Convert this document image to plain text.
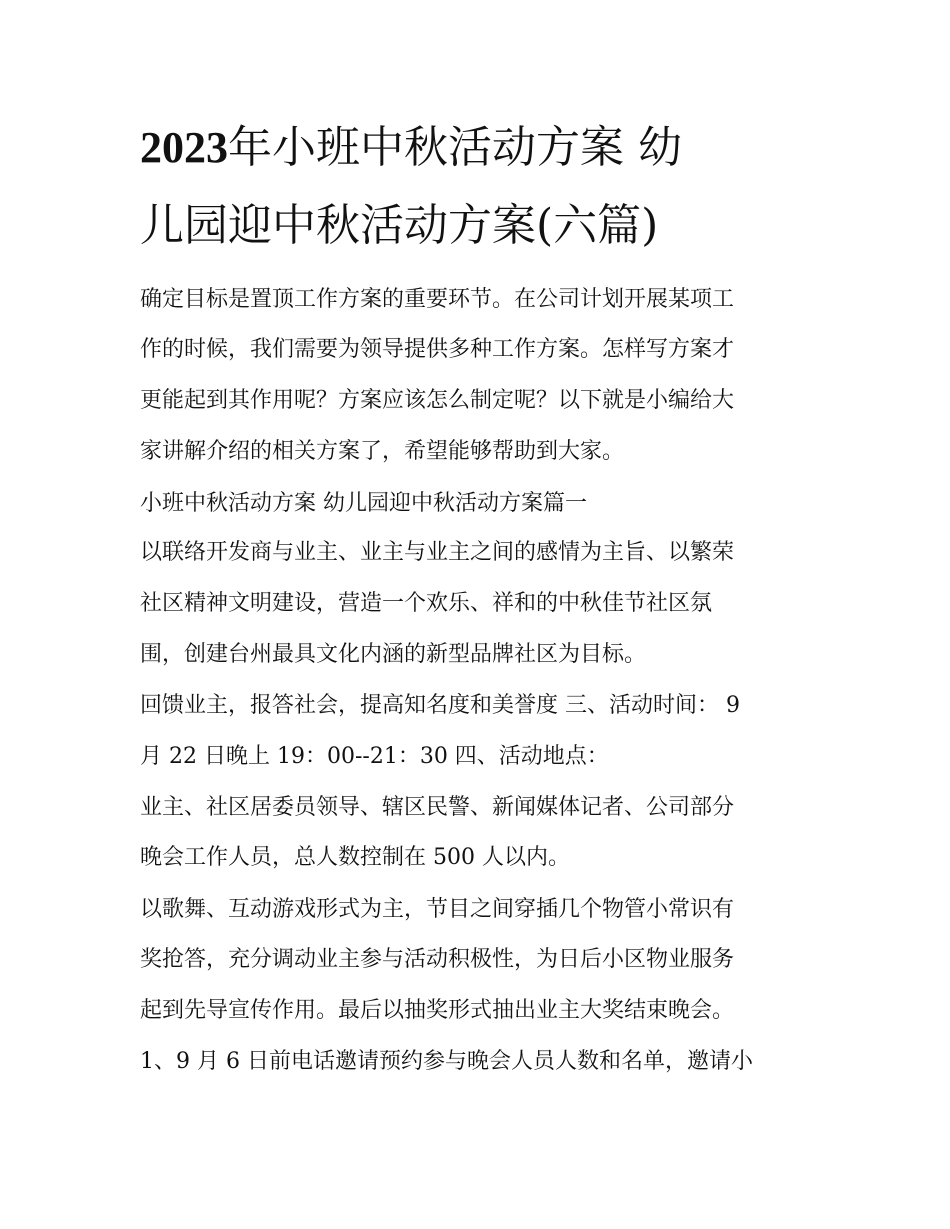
2023年小班中秋活动方案 幼
儿园迎中秋活动方案(六篇)

确定目标是置顶工作方案的重要环节。在公司计划开展某项工

作的时候，我们需要为领导提供多种工作方案。怎样写方案才

更能起到其作用呢？方案应该怎么制定呢？以下就是小编给大

家讲解介绍的相关方案了，希望能够帮助到大家。

小班中秋活动方案 幼儿园迎中秋活动方案篇一

以联络开发商与业主、业主与业主之间的感情为主旨、以繁荣

社区精神文明建设，营造一个欢乐、祥和的中秋佳节社区氛

围，创建台州最具文化内涵的新型品牌社区为目标。

回馈业主，报答社会，提高知名度和美誉度 三、活动时间： 9

月 22 日晚上 19：00--21：30 四、活动地点：

业主、社区居委员领导、辖区民警、新闻媒体记者、公司部分

晚会工作人员，总人数控制在 500 人以内。

以歌舞、互动游戏形式为主，节目之间穿插几个物管小常识有

奖抢答，充分调动业主参与活动积极性，为日后小区物业服务

起到先导宣传作用。最后以抽奖形式抽出业主大奖结束晚会。

1、9 月 6 日前电话邀请预约参与晚会人员人数和名单，邀请小
